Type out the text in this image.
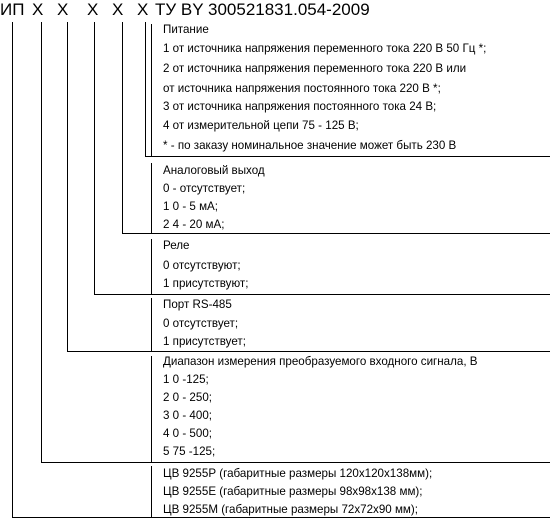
ИП X X X X X ТУ BY 300521831.054-2009
Питание
1 от источника напряжения переменного тока 220 В 50 Гц *;
2 от источника напряжения переменного тока 220 В или
от источника напряжения постоянного тока 220 В *;
3 от источника напряжения постоянного тока 24 В;
4 от измерительной цепи 75 - 125 В;
* - по заказу номинальное значение может быть 230 В
Аналоговый выход
0 - отсутствует;
1 0 - 5 мА;
2 4 - 20 мА;
Реле
0 отсутствуют;
1 присутствуют;
Порт RS-485
0 отсутствует;
1 присутствует;
Диапазон измерения преобразуемого входного сигнала, В
1 0 -125;
2 0 - 250;
3 0 - 400;
4 0 - 500;
5 75 -125;
ЦВ 9255Р (габаритные размеры 120х120х138мм);
ЦВ 9255Е (габаритные размеры 98х98х138 мм);
ЦВ 9255М (габаритные размеры 72х72х90 мм);
